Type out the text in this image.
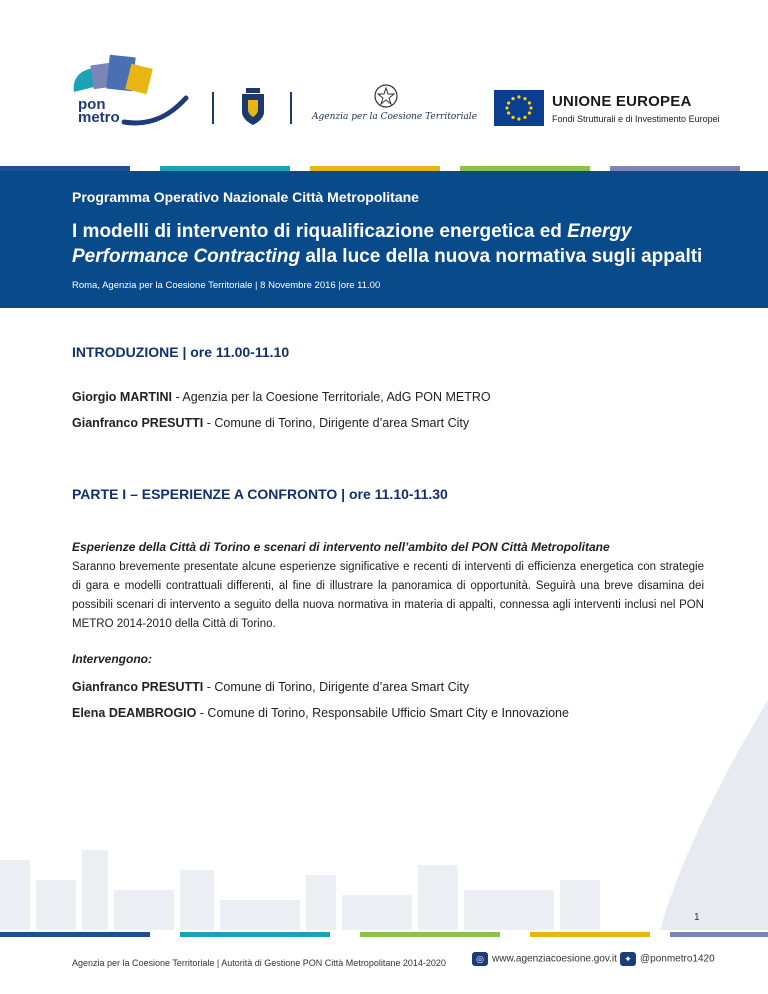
pon
metro	Agenzia per la Coesione Territoriale
UNIONE EUROPEA
Fondi Strutturali e di Investimento Europei
Programma Operativo Nazionale Città Metropolitane
I modelli di intervento di riqualificazione energetica ed Energy Performance Contracting alla luce della nuova normativa sugli appalti
Roma, Agenzia per la Coesione Territoriale | 8 Novembre 2016 |ore 11.00
INTRODUZIONE | ore 11.00-11.10
Giorgio MARTINI - Agenzia per la Coesione Territoriale, AdG PON METRO
Gianfranco PRESUTTI - Comune di Torino, Dirigente d’area Smart City
PARTE I – ESPERIENZE A CONFRONTO | ore 11.10-11.30
Esperienze della Città di Torino e scenari di intervento nell’ambito del PON Città Metropolitane
Saranno brevemente presentate alcune esperienze significative e recenti di interventi di efficienza energetica con strategie di gara e modelli contrattuali differenti, al fine di illustrare la panoramica di opportunità. Seguirà una breve disamina dei possibili scenari di intervento a seguito della nuova normativa in materia di appalti, connessa agli interventi inclusi nel PON METRO 2014-2010 della Città di Torino.
Intervengono:
Gianfranco PRESUTTI - Comune di Torino, Dirigente d’area Smart City
Elena DEAMBROGIO - Comune di Torino, Responsabile Ufficio Smart City e Innovazione
1
Agenzia per la Coesione Territoriale | Autorità di Gestione PON Città Metropolitane 2014-2020	◎ www.agenziacoesione.gov.it ✦ @ponmetro1420
